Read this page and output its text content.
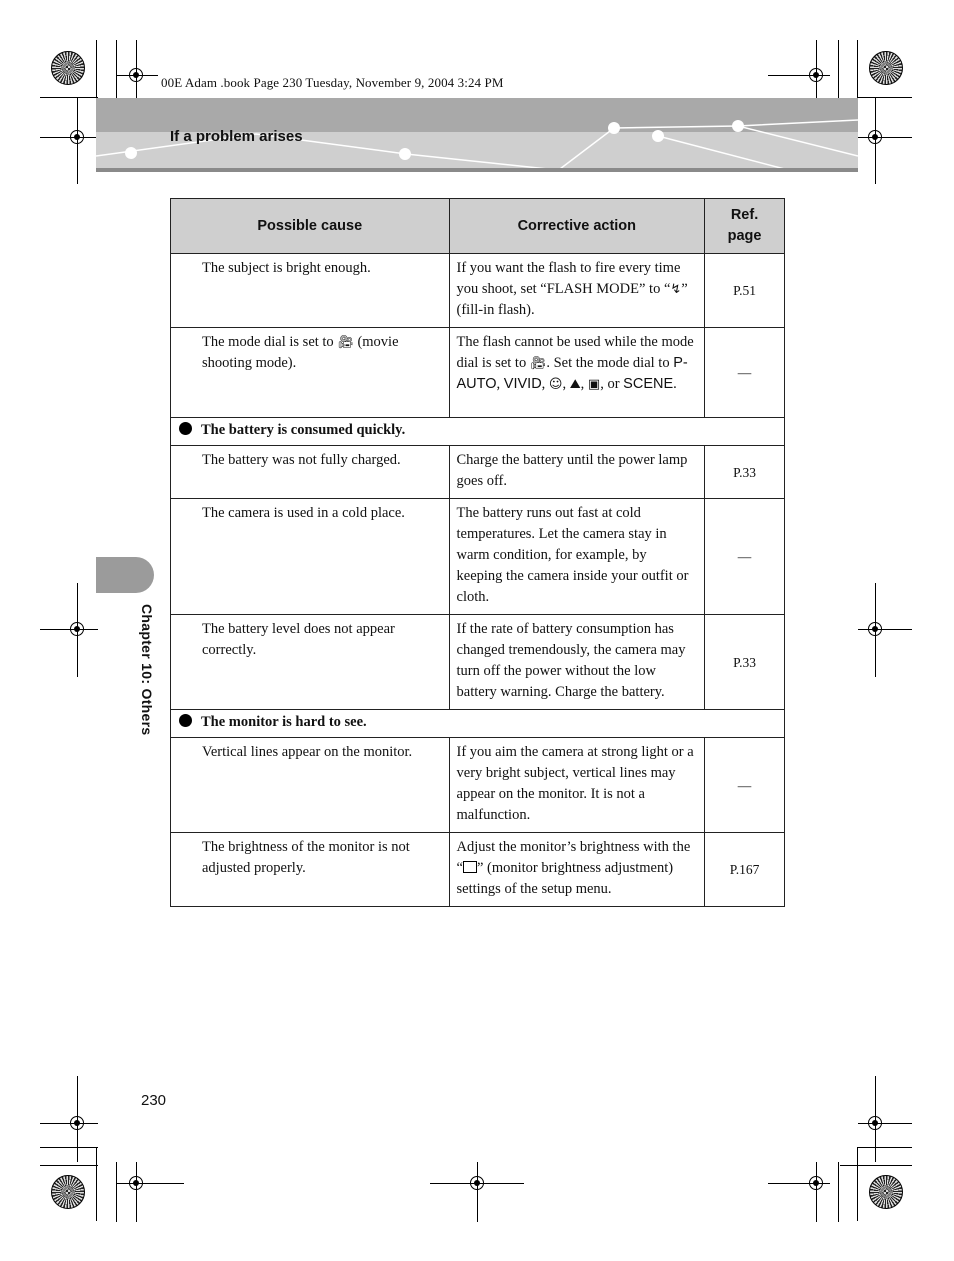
00E Adam .book Page 230 Tuesday, November 9, 2004 3:24 PM
If a problem arises
Chapter 10: Others
Possible cause	Corrective action	Ref.
page
The subject is bright enough.	If you want the flash to fire every time you shoot, set “FLASH MODE” to “↯” (fill-in flash).	P.51
The mode dial is set to 🎥︎ (movie shooting mode).	The flash cannot be used while the mode dial is set to 🎥︎. Set the mode dial to P-AUTO, VIVID, ☺, ⛰, ▣, or SCENE.	—
The battery is consumed quickly.		
The battery was not fully charged.	Charge the battery until the power lamp goes off.	P.33
The camera is used in a cold place.	The battery runs out fast at cold temperatures. Let the camera stay in warm condition, for example, by keeping the camera inside your outfit or cloth.	—
The battery level does not appear correctly.	If the rate of battery consumption has changed tremendously, the camera may turn off the power without the low battery warning. Charge the battery.	P.33
The monitor is hard to see.		
Vertical lines appear on the monitor.	If you aim the camera at strong light or a very bright subject, vertical lines may appear on the monitor. It is not a malfunction.	—
The brightness of the monitor is not adjusted properly.	Adjust the monitor’s brightness with the “ ” (monitor brightness adjustment) settings of the setup menu.	P.167
230
